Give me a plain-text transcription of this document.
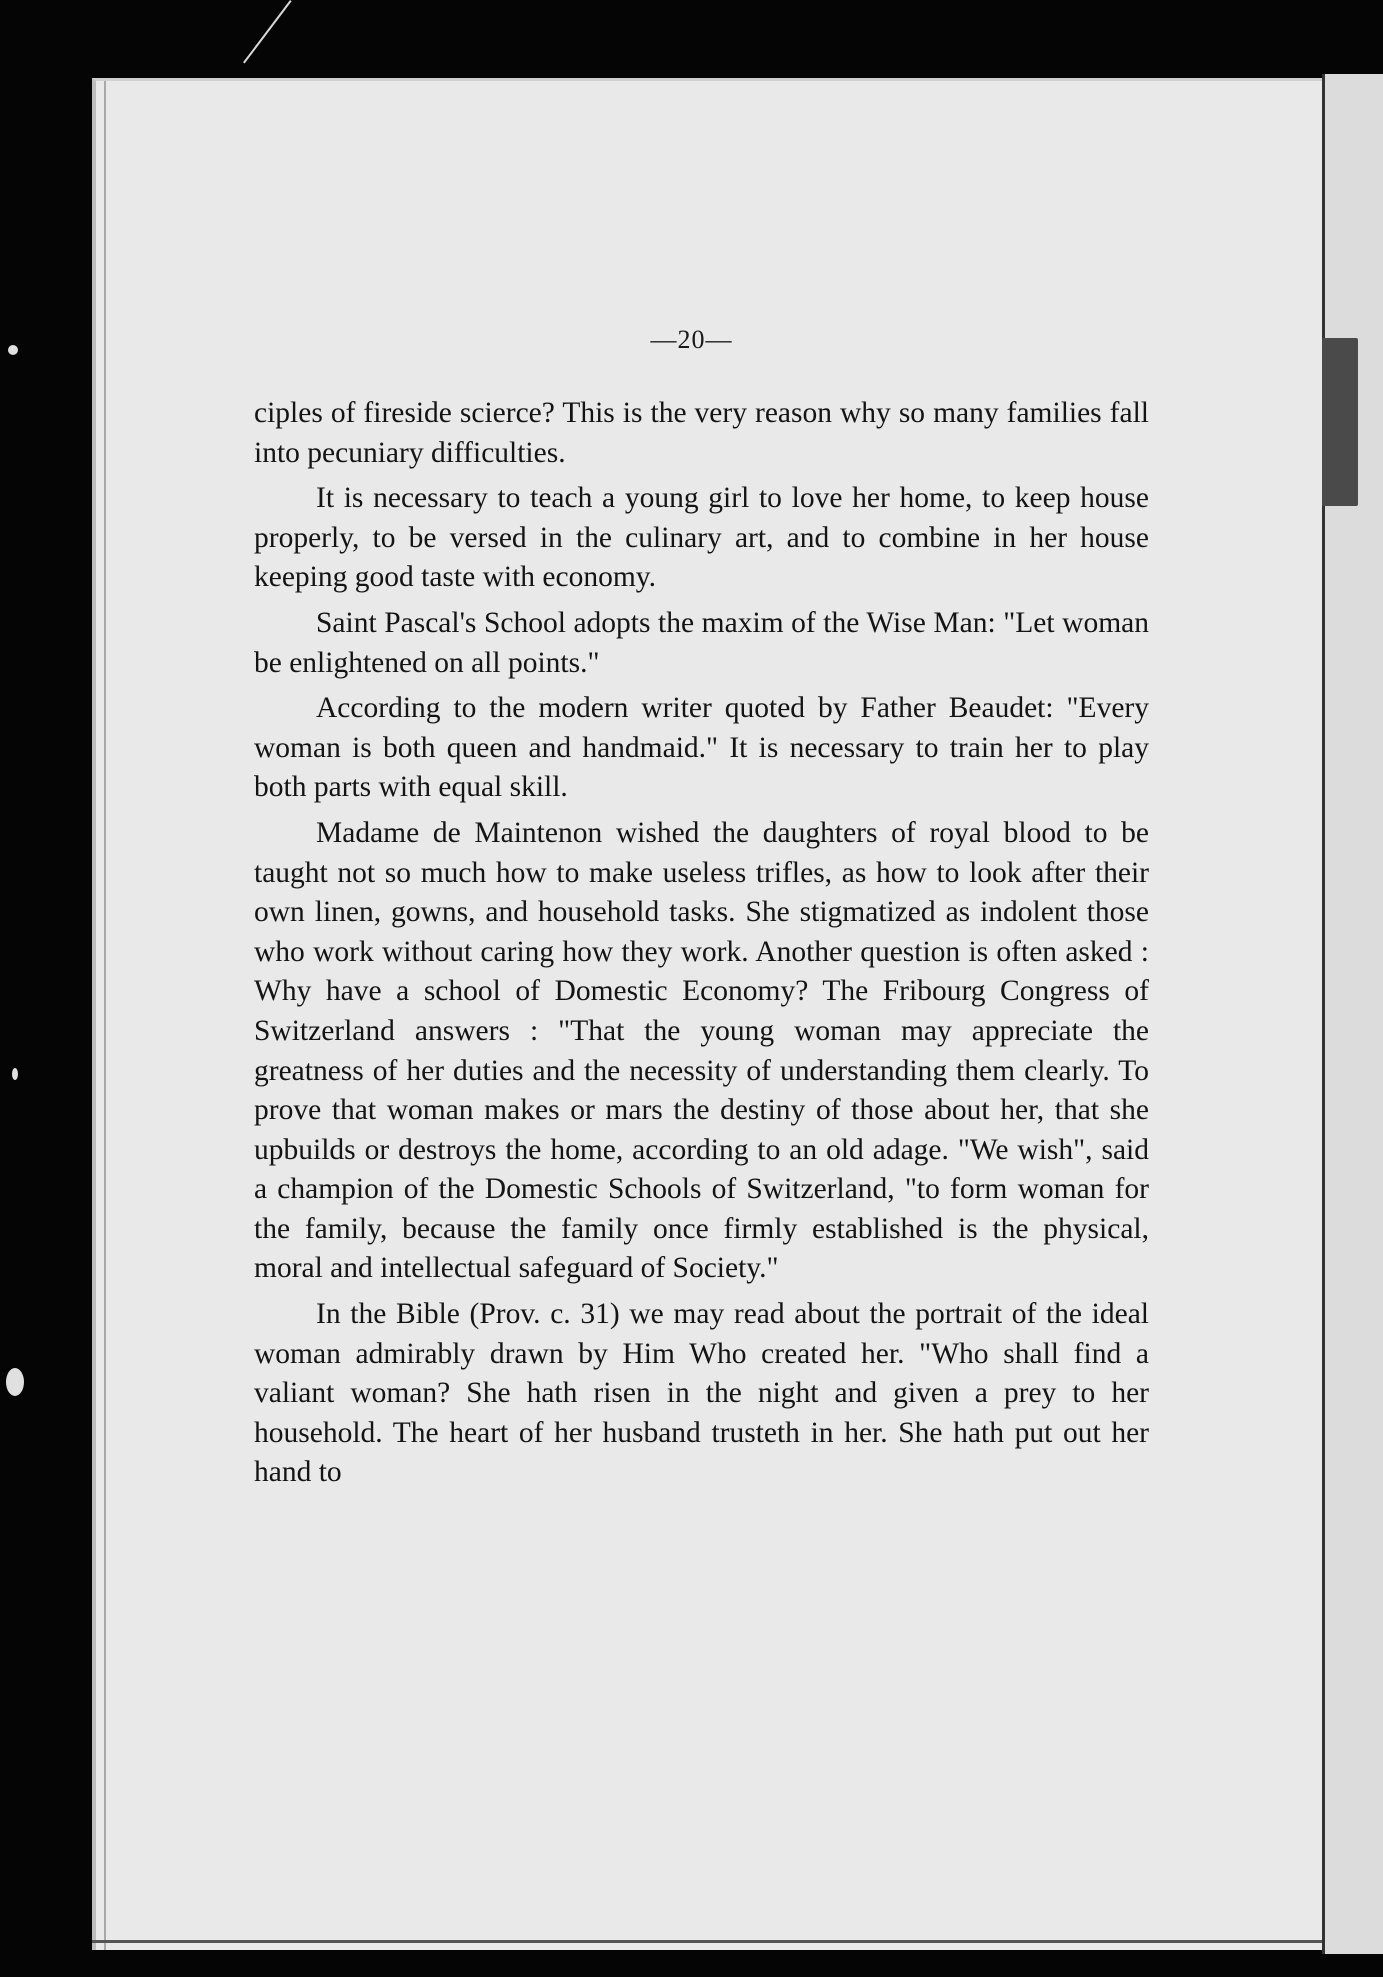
—20—

ciples of fireside scierce? This is the very reason why so many families fall into pecuniary difficulties.

It is necessary to teach a young girl to love her home, to keep house properly, to be versed in the culinary art, and to combine in her house keeping good taste with economy.

Saint Pascal's School adopts the maxim of the Wise Man: "Let woman be enlightened on all points."

According to the modern writer quoted by Father Beaudet: "Every woman is both queen and handmaid." It is necessary to train her to play both parts with equal skill.

Madame de Maintenon wished the daughters of royal blood to be taught not so much how to make useless trifles, as how to look after their own linen, gowns, and household tasks. She stigmatized as indolent those who work without caring how they work. Another question is often asked : Why have a school of Domestic Economy? The Fribourg Congress of Switzerland answers : "That the young woman may appreciate the greatness of her duties and the necessity of understanding them clearly. To prove that woman makes or mars the destiny of those about her, that she upbuilds or destroys the home, according to an old adage. "We wish", said a champion of the Domestic Schools of Switzerland, "to form woman for the family, because the family once firmly established is the physical, moral and intellectual safeguard of Society."

In the Bible (Prov. c. 31) we may read about the portrait of the ideal woman admirably drawn by Him Who created her. "Who shall find a valiant woman? She hath risen in the night and given a prey to her household. The heart of her husband trusteth in her. She hath put out her hand to
